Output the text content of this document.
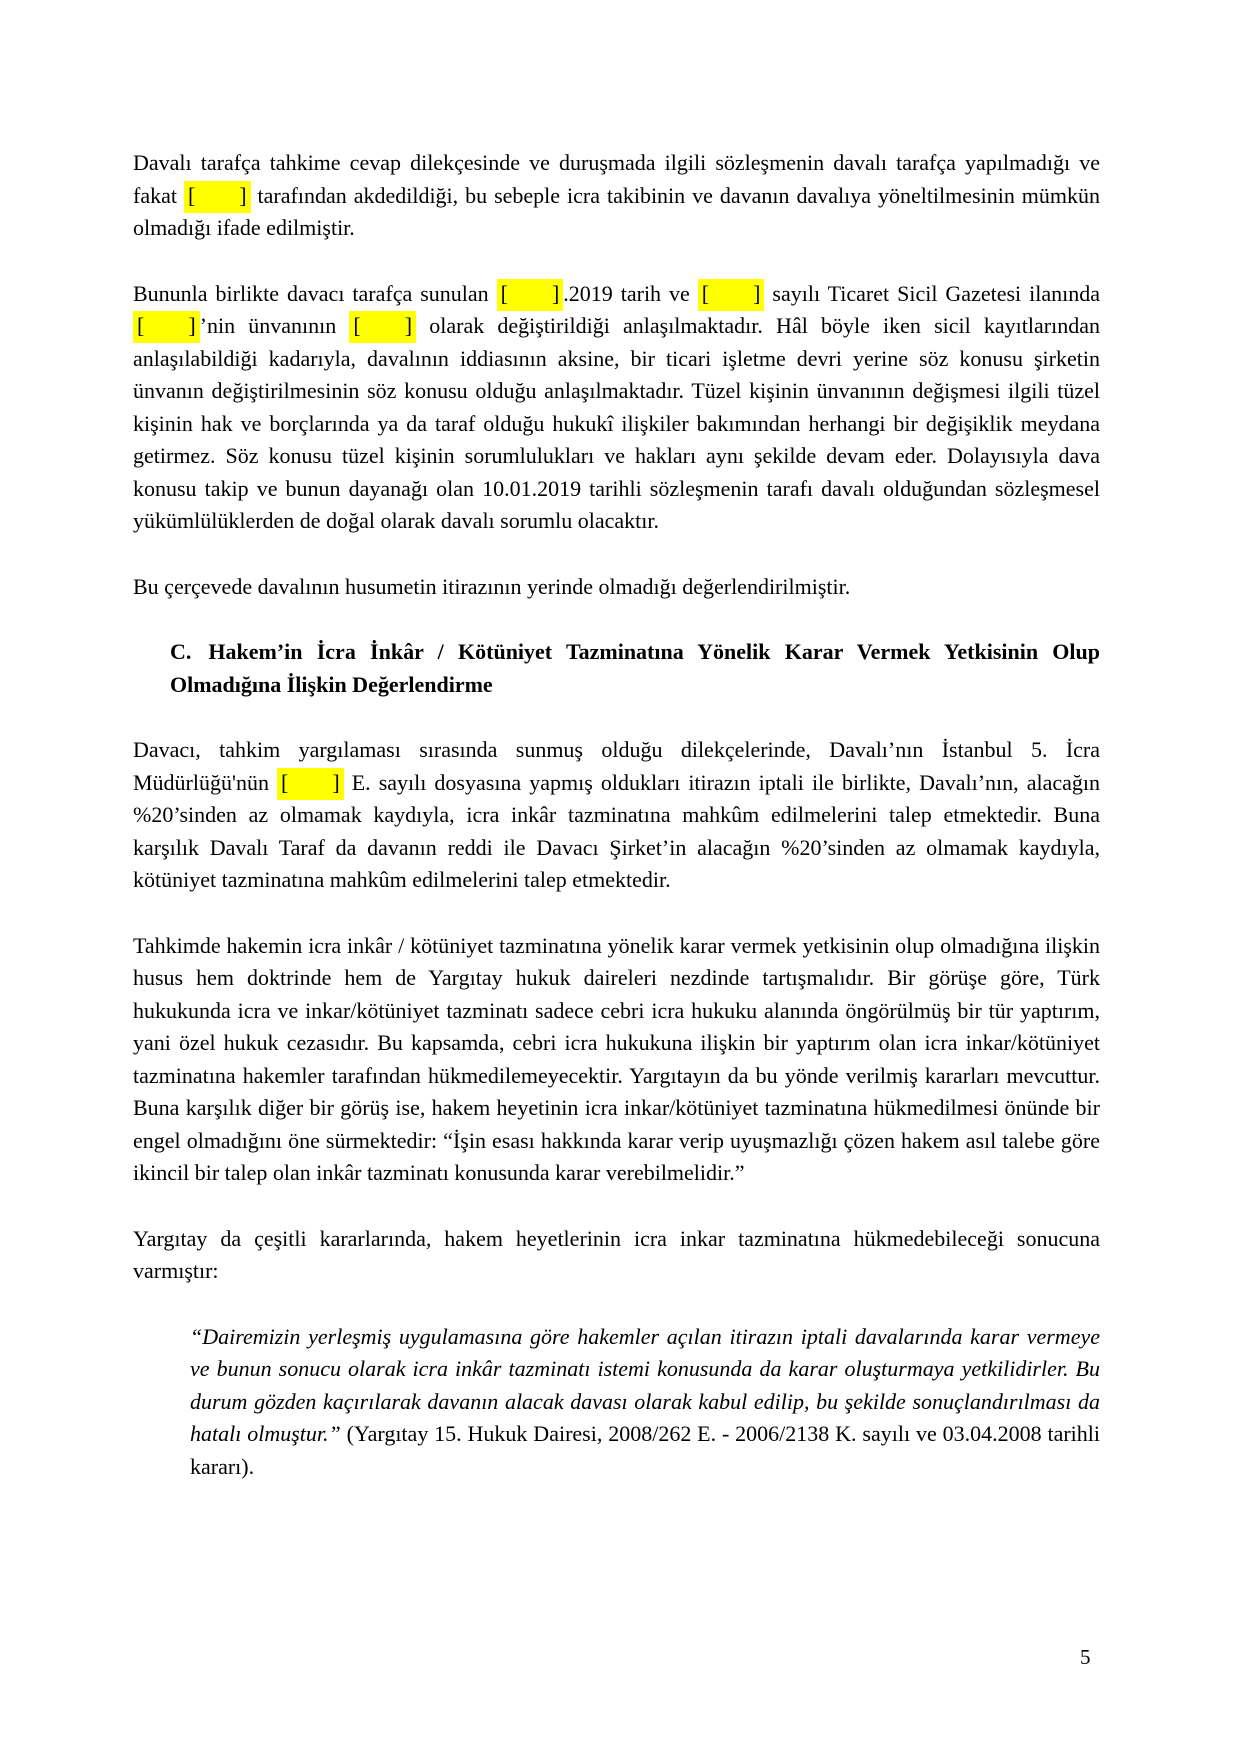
Davalı tarafça tahkime cevap dilekçesinde ve duruşmada ilgili sözleşmenin davalı tarafça yapılmadığı ve fakat [ ] tarafından akdedildiği, bu sebeple icra takibinin ve davanın davalıya yöneltilmesinin mümkün olmadığı ifade edilmiştir.

Bununla birlikte davacı tarafça sunulan [ ] .2019 tarih ve [ ] sayılı Ticaret Sicil Gazetesi ilanında [ ] ’nin ünvanının [ ] olarak değiştirildiği anlaşılmaktadır. Hâl böyle iken sicil kayıtlarından anlaşılabildiği kadarıyla, davalının iddiasının aksine, bir ticari işletme devri yerine söz konusu şirketin ünvanın değiştirilmesinin söz konusu olduğu anlaşılmaktadır. Tüzel kişinin ünvanının değişmesi ilgili tüzel kişinin hak ve borçlarında ya da taraf olduğu hukukî ilişkiler bakımından herhangi bir değişiklik meydana getirmez. Söz konusu tüzel kişinin sorumlulukları ve hakları aynı şekilde devam eder. Dolayısıyla dava konusu takip ve bunun dayanağı olan 10.01.2019 tarihli sözleşmenin tarafı davalı olduğundan sözleşmesel yükümlülüklerden de doğal olarak davalı sorumlu olacaktır.

Bu çerçevede davalının husumetin itirazının yerinde olmadığı değerlendirilmiştir.

C. Hakem’in İcra İnkâr / Kötüniyet Tazminatına Yönelik Karar Vermek Yetkisinin Olup Olmadığına İlişkin Değerlendirme

Davacı, tahkim yargılaması sırasında sunmuş olduğu dilekçelerinde, Davalı’nın İstanbul 5. İcra Müdürlüğü'nün [ ] E. sayılı dosyasına yapmış oldukları itirazın iptali ile birlikte, Davalı’nın, alacağın %20’sinden az olmamak kaydıyla, icra inkâr tazminatına mahkûm edilmelerini talep etmektedir. Buna karşılık Davalı Taraf da davanın reddi ile Davacı Şirket’in alacağın %20’sinden az olmamak kaydıyla, kötüniyet tazminatına mahkûm edilmelerini talep etmektedir.

Tahkimde hakemin icra inkâr / kötüniyet tazminatına yönelik karar vermek yetkisinin olup olmadığına ilişkin husus hem doktrinde hem de Yargıtay hukuk daireleri nezdinde tartışmalıdır. Bir görüşe göre, Türk hukukunda icra ve inkar/kötüniyet tazminatı sadece cebri icra hukuku alanında öngörülmüş bir tür yaptırım, yani özel hukuk cezasıdır. Bu kapsamda, cebri icra hukukuna ilişkin bir yaptırım olan icra inkar/kötüniyet tazminatına hakemler tarafından hükmedilemeyecektir. Yargıtayın da bu yönde verilmiş kararları mevcuttur. Buna karşılık diğer bir görüş ise, hakem heyetinin icra inkar/kötüniyet tazminatına hükmedilmesi önünde bir engel olmadığını öne sürmektedir: “İşin esası hakkında karar verip uyuşmazlığı çözen hakem asıl talebe göre ikincil bir talep olan inkâr tazminatı konusunda karar verebilmelidir.”

Yargıtay da çeşitli kararlarında, hakem heyetlerinin icra inkar tazminatına hükmedebileceği sonucuna varmıştır:

“Dairemizin yerleşmiş uygulamasına göre hakemler açılan itirazın iptali davalarında karar vermeye ve bunun sonucu olarak icra inkâr tazminatı istemi konusunda da karar oluşturmaya yetkilidirler. Bu durum gözden kaçırılarak davanın alacak davası olarak kabul edilip, bu şekilde sonuçlandırılması da hatalı olmuştur.” (Yargıtay 15. Hukuk Dairesi, 2008/262 E. - 2006/2138 K. sayılı ve 03.04.2008 tarihli kararı).

5
